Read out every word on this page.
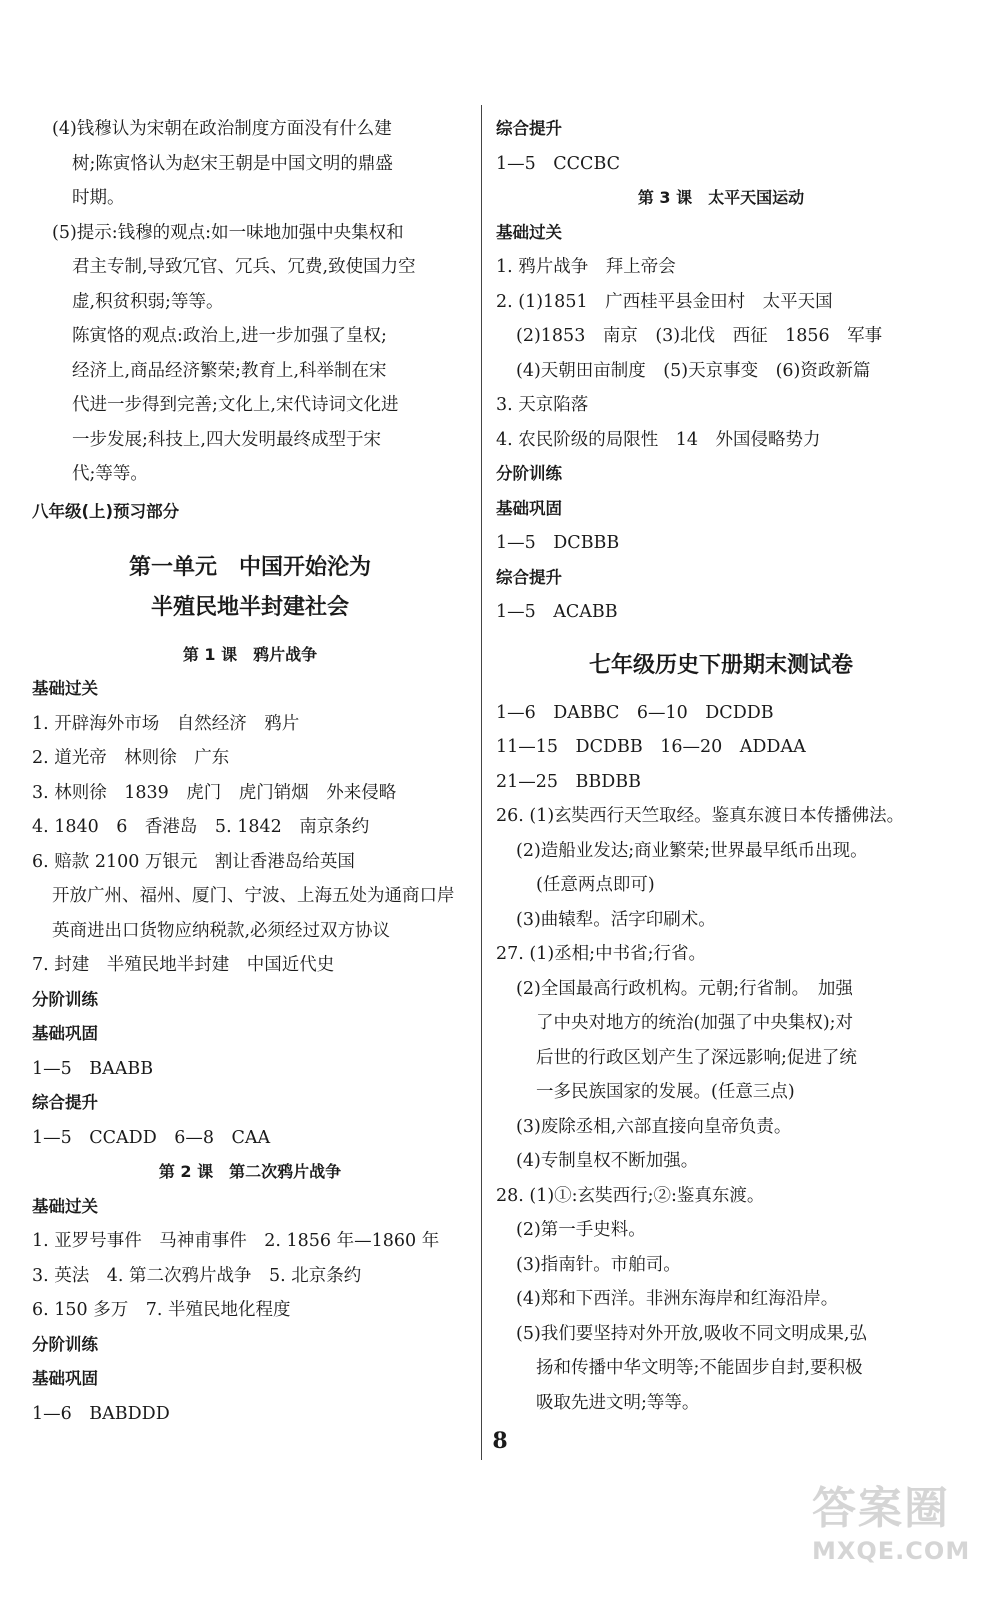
(4)钱穆认为宋朝在政治制度方面没有什么建
树;陈寅恪认为赵宋王朝是中国文明的鼎盛
时期。
(5)提示:钱穆的观点:如一味地加强中央集权和
君主专制,导致冗官、冗兵、冗费,致使国力空
虚,积贫积弱;等等。
陈寅恪的观点:政治上,进一步加强了皇权;
经济上,商品经济繁荣;教育上,科举制在宋
代进一步得到完善;文化上,宋代诗词文化进
一步发展;科技上,四大发明最终成型于宋
代;等等。
八年级(上)预习部分
第一单元　中国开始沦为
半殖民地半封建社会
第 1 课　鸦片战争
基础过关
1. 开辟海外市场　自然经济　鸦片
2. 道光帝　林则徐　广东
3. 林则徐　1839　虎门　虎门销烟　外来侵略
4. 1840　6　香港岛　5. 1842　南京条约
6. 赔款 2100 万银元　割让香港岛给英国
开放广州、福州、厦门、宁波、上海五处为通商口岸
英商进出口货物应纳税款,必须经过双方协议
7. 封建　半殖民地半封建　中国近代史
分阶训练
基础巩固
1—5　BAABB
综合提升
1—5　CCADD　6—8　CAA
第 2 课　第二次鸦片战争
基础过关
1. 亚罗号事件　马神甫事件　2. 1856 年—1860 年
3. 英法　4. 第二次鸦片战争　5. 北京条约
6. 150 多万　7. 半殖民地化程度
分阶训练
基础巩固
1—6　BABDDD
综合提升
1—5　CCCBC
第 3 课　太平天国运动
基础过关
1. 鸦片战争　拜上帝会
2. (1)1851　广西桂平县金田村　太平天国
(2)1853　南京　(3)北伐　西征　1856　军事
(4)天朝田亩制度　(5)天京事变　(6)资政新篇
3. 天京陷落
4. 农民阶级的局限性　14　外国侵略势力
分阶训练
基础巩固
1—5　DCBBB
综合提升
1—5　ACABB
七年级历史下册期末测试卷
1—6　DABBC　6—10　DCDDB
11—15　DCDBB　16—20　ADDAA
21—25　BBDBB
26. (1)玄奘西行天竺取经。鉴真东渡日本传播佛法。
(2)造船业发达;商业繁荣;世界最早纸币出现。
(任意两点即可)
(3)曲辕犁。活字印刷术。
27. (1)丞相;中书省;行省。
(2)全国最高行政机构。元朝;行省制。　加强
了中央对地方的统治(加强了中央集权);对
后世的行政区划产生了深远影响;促进了统
一多民族国家的发展。(任意三点)
(3)废除丞相,六部直接向皇帝负责。
(4)专制皇权不断加强。
28. (1)①:玄奘西行;②:鉴真东渡。
(2)第一手史料。
(3)指南针。市舶司。
(4)郑和下西洋。非洲东海岸和红海沿岸。
(5)我们要坚持对外开放,吸收不同文明成果,弘
扬和传播中华文明等;不能固步自封,要积极
吸取先进文明;等等。
8
答案圈
MXQE.COM
